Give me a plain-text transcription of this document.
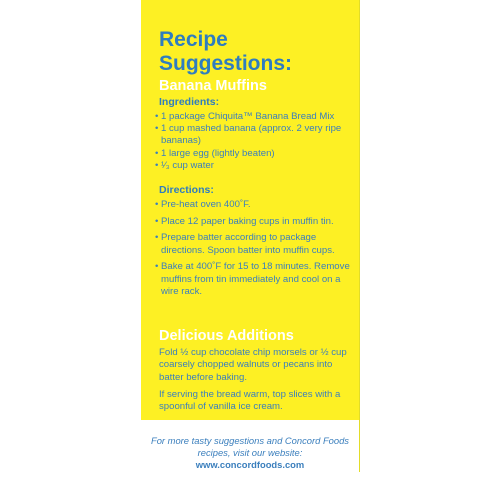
Recipe
Suggestions:
Banana Muffins
Ingredients:
• 1 package Chiquita™ Banana Bread Mix
• 1 cup mashed banana (approx. 2 very ripe bananas)
• 1 large egg (lightly beaten)
• ¹⁄₃ cup water
Directions:
• Pre-heat oven 400˚F.
• Place 12 paper baking cups in muffin tin.
• Prepare batter according to package directions. Spoon batter into muffin cups.
• Bake at 400˚F for 15 to 18 minutes. Remove muffins from tin immediately and cool on a wire rack.
Delicious Additions

Fold ½ cup chocolate chip morsels or ½ cup coarsely chopped walnuts or pecans into batter before baking.

If serving the bread warm, top slices with a spoonful of vanilla ice cream.

For more tasty suggestions and Concord Foods recipes, visit our website:

www.concordfoods.com
